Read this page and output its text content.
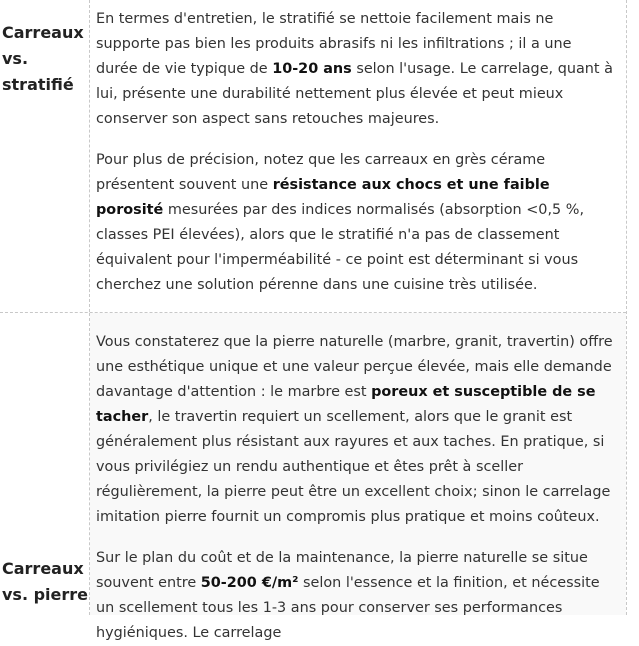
Carreaux vs. stratifié

En termes d'entretien, le stratifié se nettoie facilement mais ne supporte pas bien les produits abrasifs ni les infiltrations ; il a une durée de vie typique de 10-20 ans selon l'usage. Le carrelage, quant à lui, présente une durabilité nettement plus élevée et peut mieux conserver son aspect sans retouches majeures.

Pour plus de précision, notez que les carreaux en grès cérame présentent souvent une résistance aux chocs et une faible porosité mesurées par des indices normalisés (absorption <0,5 %, classes PEI élevées), alors que le stratifié n'a pas de classement équivalent pour l'imperméabilité - ce point est déterminant si vous cherchez une solution pérenne dans une cuisine très utilisée.

Carreaux vs. pierre

Vous constaterez que la pierre naturelle (marbre, granit, travertin) offre une esthétique unique et une valeur perçue élevée, mais elle demande davantage d'attention : le marbre est poreux et susceptible de se tacher, le travertin requiert un scellement, alors que le granit est généralement plus résistant aux rayures et aux taches. En pratique, si vous privilégiez un rendu authentique et êtes prêt à sceller régulièrement, la pierre peut être un excellent choix; sinon le carrelage imitation pierre fournit un compromis plus pratique et moins coûteux.

Sur le plan du coût et de la maintenance, la pierre naturelle se situe souvent entre 50-200 €/m² selon l'essence et la finition, et nécessite un scellement tous les 1-3 ans pour conserver ses performances hygiéniques. Le carrelage
